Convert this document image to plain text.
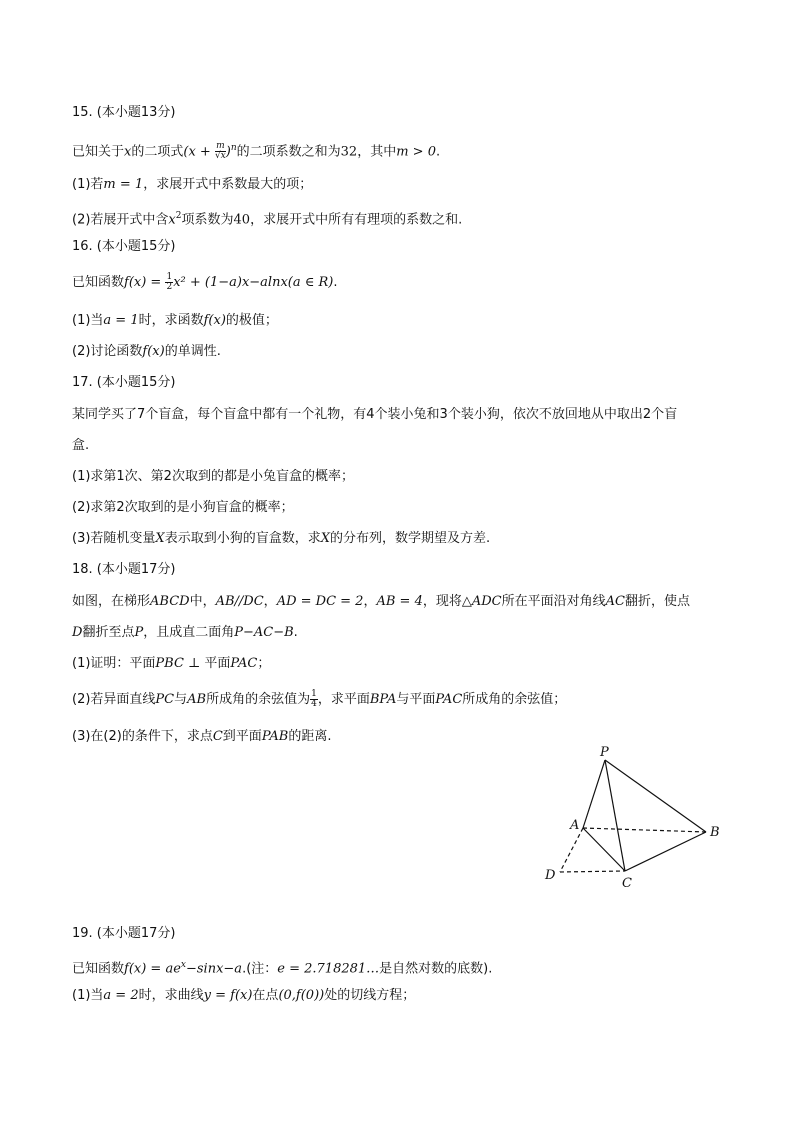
15. (本小题13分)
已知关于x的二项式$(x + \frac{m}{√x} )^n$的二项系数之和为32，其中m > 0.
(1)若m = 1，求展开式中系数最大的项；
(2)若展开式中含$x^2$项系数为40，求展开式中所有有理项的系数之和.
16. (本小题15分)
已知函数$f(x) = \frac{1}{2} x^2 + (1-a)x-alnx(a$ ∈ R).
(1)当a = 1时，求函数f(x)的极值；
(2)讨论函数f(x)的单调性.
17. (本小题15分)
某同学买了7个盲盒，每个盲盒中都有一个礼物，有4个装小兔和3个装小狗，依次不放回地从中取出2个盲
盒.
(1)求第1次、第2次取到的都是小兔盲盒的概率；
(2)求第2次取到的是小狗盲盒的概率；
(3)若随机变量X表示取到小狗的盲盒数，求X的分布列，数学期望及方差.
18. (本小题17分)
如图，在梯形ABCD中，AB//DC，AD = DC = 2，AB = 4，现将△ADC所在平面沿对角线AC翻折，使点
D翻折至点P，且成直二面角P−AC−B.
(1)证明：平面PBC ⊥ 平面PAC；
(2)若异面直线PC与AB所成角的余弦值为 $\frac{1}{4}$ ，求平面BPA与平面PAC所成角的余弦值；
(3)在(2)的条件下，求点C到平面PAB的距离.
P
A	B
C
D
19. (本小题17分)
已知函数$f(x) = ae^x-\sin x-a$.(注：e = 2.718281…是自然对数的底数).
(1)当a = 2时，求曲线y = f(x)在点(0,f(0))处的切线方程；
